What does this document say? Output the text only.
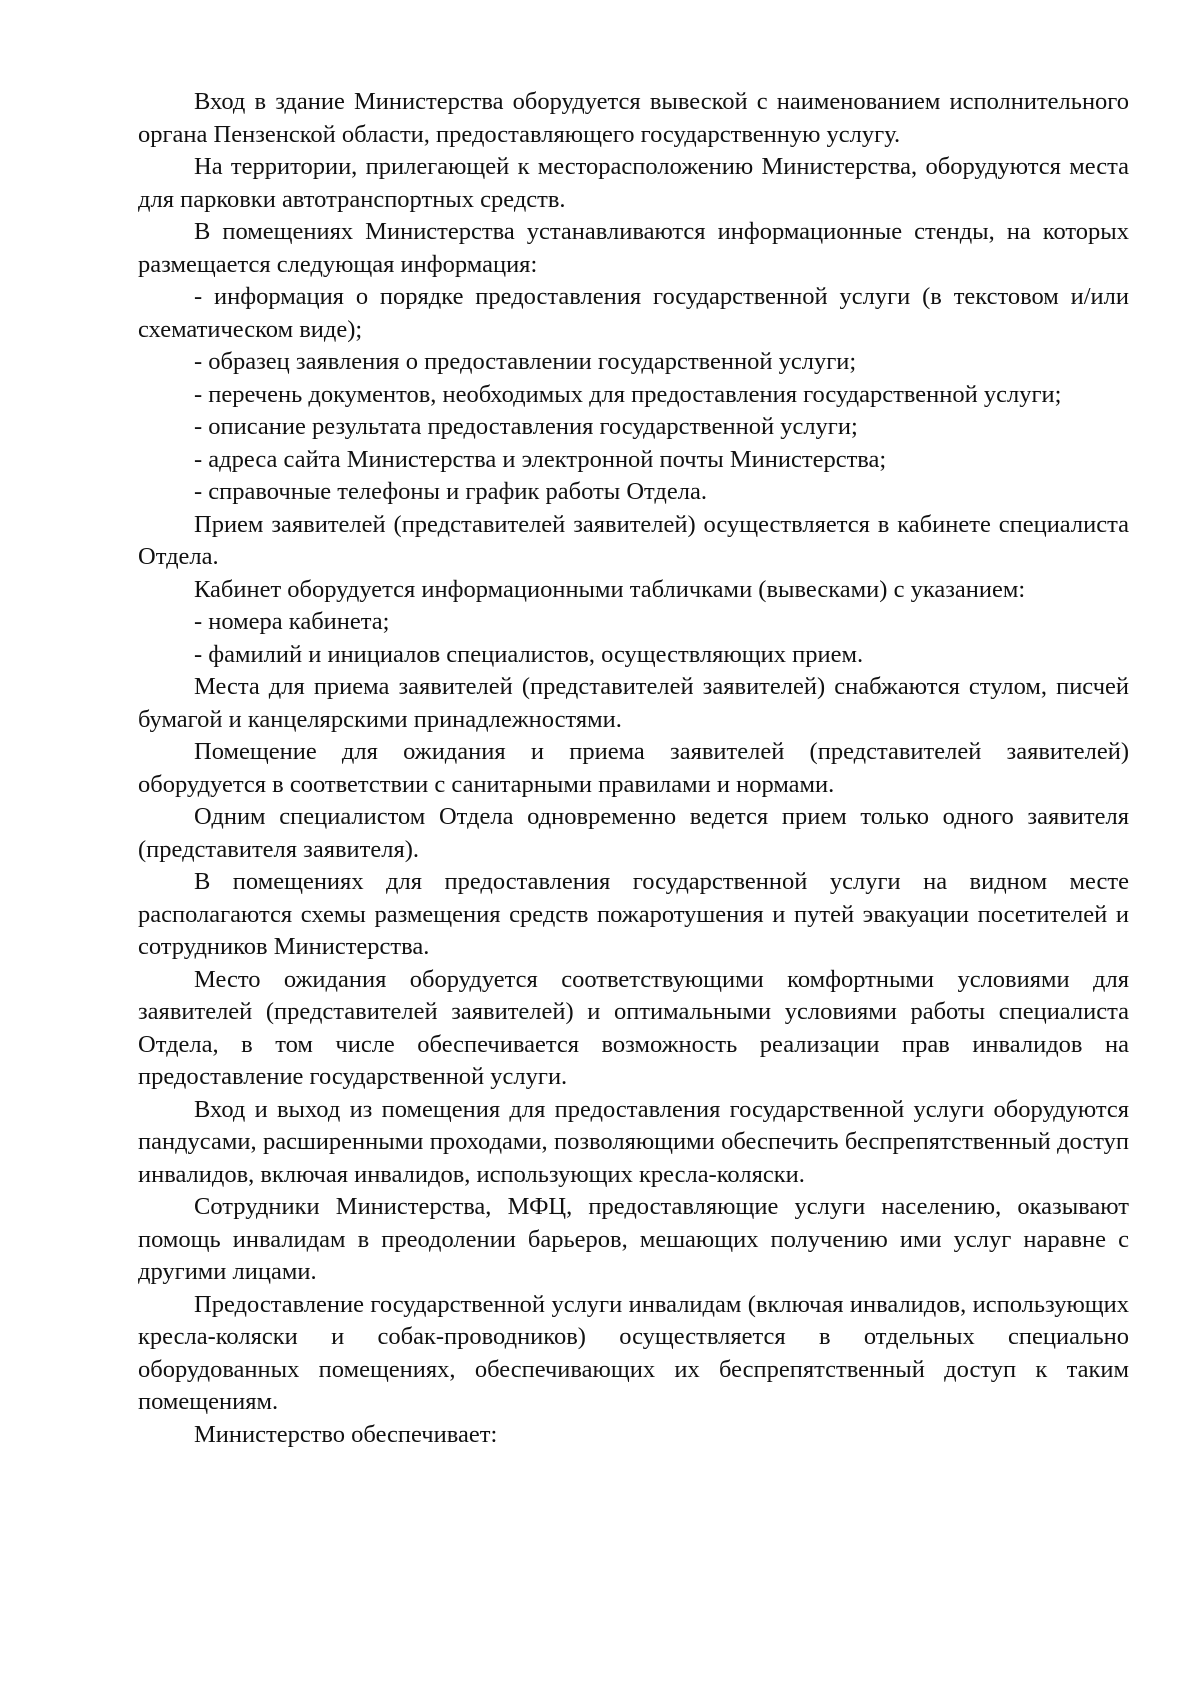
Вход в здание Министерства оборудуется вывеской с наименованием исполнительного органа Пензенской области, предоставляющего государственную услугу.

На территории, прилегающей к месторасположению Министерства, оборудуются места для парковки автотранспортных средств.

В помещениях Министерства устанавливаются информационные стенды, на которых размещается следующая информация:

- информация о порядке предоставления государственной услуги (в текстовом и/или схематическом виде);

- образец заявления о предоставлении государственной услуги;

- перечень документов, необходимых для предоставления государственной услуги;

- описание результата предоставления государственной услуги;

- адреса сайта Министерства и электронной почты Министерства;

- справочные телефоны и график работы Отдела.

Прием заявителей (представителей заявителей) осуществляется в кабинете специалиста Отдела.

Кабинет оборудуется информационными табличками (вывесками) с указанием:

- номера кабинета;

- фамилий и инициалов специалистов, осуществляющих прием.

Места для приема заявителей (представителей заявителей) снабжаются стулом, писчей бумагой и канцелярскими принадлежностями.

Помещение для ожидания и приема заявителей (представителей заявителей) оборудуется в соответствии с санитарными правилами и нормами.

Одним специалистом Отдела одновременно ведется прием только одного заявителя (представителя заявителя).

В помещениях для предоставления государственной услуги на видном месте располагаются схемы размещения средств пожаротушения и путей эвакуации посетителей и сотрудников Министерства.

Место ожидания оборудуется соответствующими комфортными условиями для заявителей (представителей заявителей) и оптимальными условиями работы специалиста Отдела, в том числе обеспечивается возможность реализации прав инвалидов на предоставление государственной услуги.

Вход и выход из помещения для предоставления государственной услуги оборудуются пандусами, расширенными проходами, позволяющими обеспечить беспрепятственный доступ инвалидов, включая инвалидов, использующих кресла-коляски.

Сотрудники Министерства, МФЦ, предоставляющие услуги населению, оказывают помощь инвалидам в преодолении барьеров, мешающих получению ими услуг наравне с другими лицами.

Предоставление государственной услуги инвалидам (включая инвалидов, использующих кресла-коляски и собак-проводников) осуществляется в отдельных специально оборудованных помещениях, обеспечивающих их беспрепятственный доступ к таким помещениям.

Министерство обеспечивает:
